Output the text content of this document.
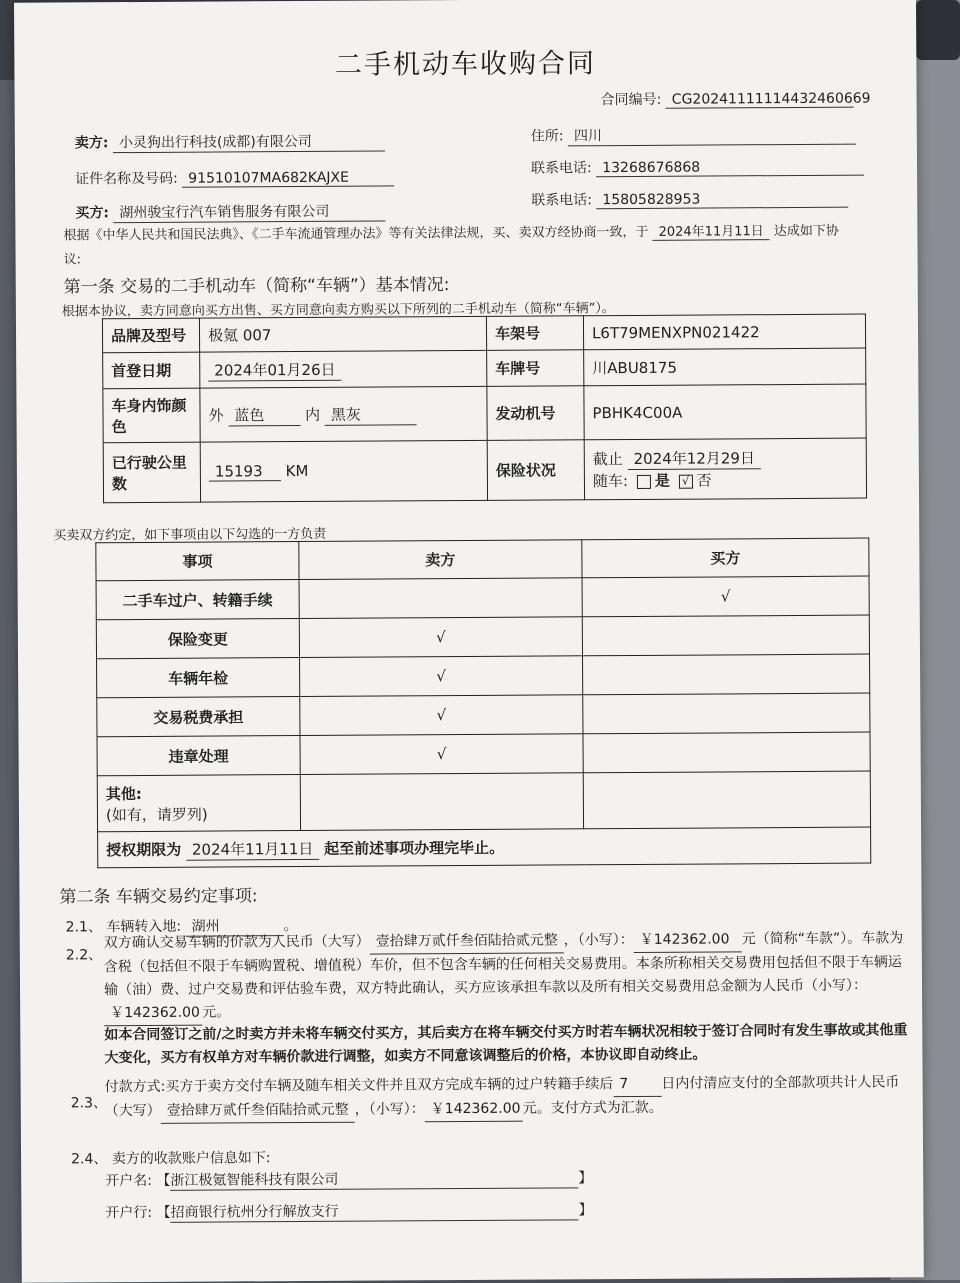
二手机动车收购合同
合同编号: CG20241111114432460669
卖方: 小灵狗出行科技(成都)有限公司	住所: 四川
证件名称及号码: 91510107MA682KAJXE
联系电话: 13268676868
买方: 湖州骏宝行汽车销售服务有限公司
联系电话: 15805828953
根据《中华人民共和国民法典》、《二手车流通管理办法》等有关法律法规，买、卖双方经协商一致，于 2024年11月11日 达成如下协
议:
第一条 交易的二手机动车（简称“车辆”）基本情况:
根据本协议，卖方同意向买方出售、买方同意向卖方购买以下所列的二手机动车（简称“车辆”）。
品牌及型号	极氪 007	车架号	L6T79MENXPN021422
首登日期	2024年01月26日	车牌号	川ABU8175
车身内饰颜色	外 蓝色 内 黑灰	发动机号	PBHK4C00A
已行驶公里数	15193 KM	保险状况	截止 2024年12月29日
随车: 是 √ 否
买卖双方约定，如下事项由以下勾选的一方负责
事项	卖方	买方
二手车过户、转籍手续		√
保险变更	√	
车辆年检	√	
交易税费承担	√	
违章处理	√	

其他:
(如有，请罗列)		

授权期限为 2024年11月11日 起至前述事项办理完毕止。		
第二条 车辆交易约定事项:
2.1、 车辆转入地: 湖州	。
2.2、
双方确认交易车辆的价款为人民币（大写） 壹拾肆万贰仟叁佰陆拾贰元整 ，（小写）： ￥142362.00 元（简称“车款”）。车款为含税（包括但不限于车辆购置税、增值税）车价，但不包含车辆的任何相关交易费用。本条所称相关交易费用包括但不限于车辆运输（油）费、过户交易费和评估验车费，双方特此确认，买方应该承担车款以及所有相关交易费用总金额为人民币（小写）：￥142362.00 元。
如本合同签订之前/之时卖方并未将车辆交付买方，其后卖方在将车辆交付买方时若车辆状况相较于签订合同时有发生事故或其他重大变化，买方有权单方对车辆价款进行调整，如卖方不同意该调整后的价格，本协议即自动终止。
2.3、
付款方式:买方于卖方交付车辆及随车相关文件并且双方完成车辆的过户转籍手续后 7 日内付清应支付的全部款项共计人民币（大写） 壹拾肆万贰仟叁佰陆拾贰元整 ，（小写）： ￥142362.00 元。支付方式为汇款。
2.4、 卖方的收款账户信息如下:
开户名: 【浙江极氪智能科技有限公司	】
开户行: 【招商银行杭州分行解放支行	】
